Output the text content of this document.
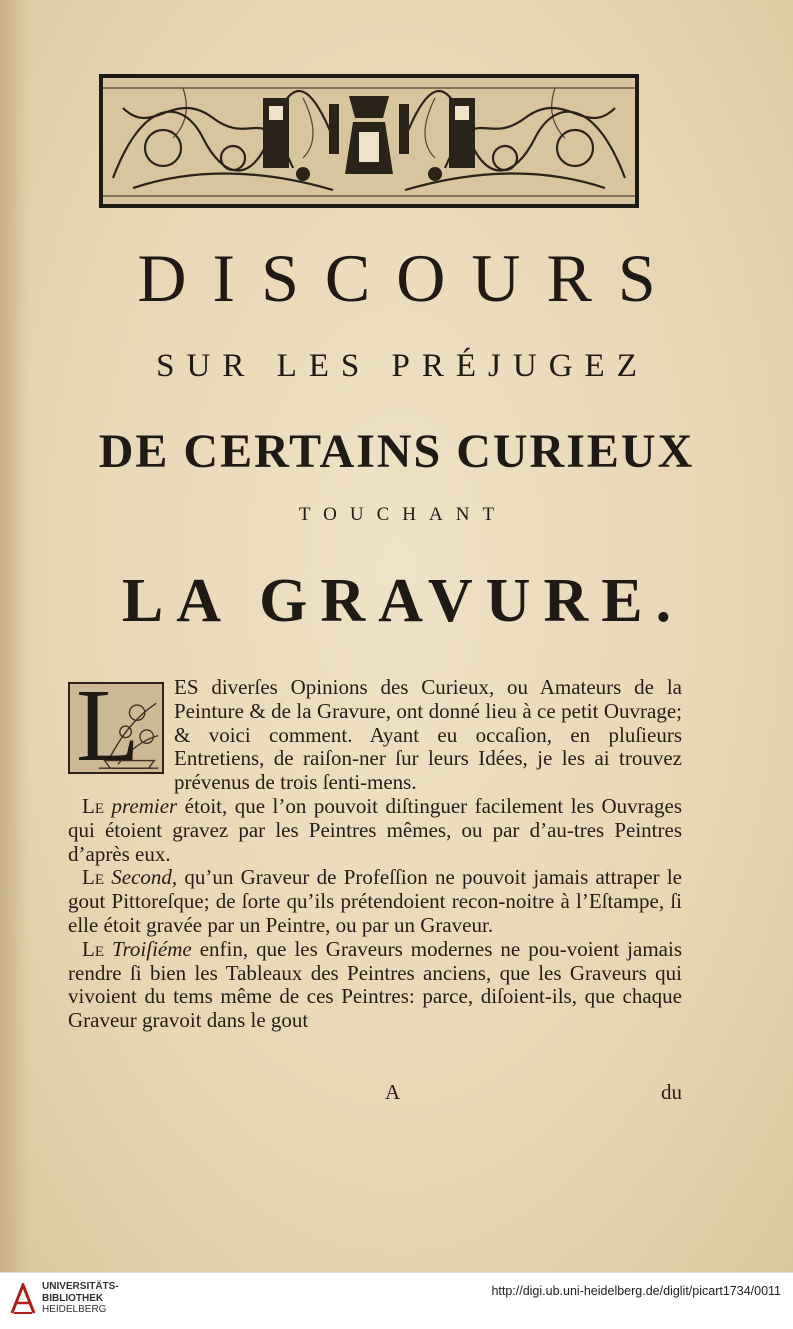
DISCOURS
SUR LES PRÉJUGEZ
DE CERTAINS CURIEUX
TOUCHANT
LA GRAVURE.
L	ES diverſes Opinions des Curieux, ou Amateurs de la Peinture & de la Gravure, ont donné lieu à ce petit Ouvrage; & voici comment. Ayant eu occaſion, en pluſieurs Entretiens, de raiſon-ner ſur leurs Idées, je les ai trouvez prévenus de trois ſenti-mens.

Le premier étoit, que l’on pouvoit diſtinguer facilement les Ouvrages qui étoient gravez par les Peintres mêmes, ou par d’au-tres Peintres d’après eux.

Le Second, qu’un Graveur de Profeſſion ne pouvoit jamais attraper le gout Pittoreſque; de ſorte qu’ils prétendoient recon-noitre à l’Eſtampe, ſi elle étoit gravée par un Peintre, ou par un Graveur.

Le Troiſiéme enfin, que les Graveurs modernes ne pou-voient jamais rendre ſi bien les Tableaux des Peintres anciens, que les Graveurs qui vivoient du tems même de ces Peintres: parce, diſoient-ils, que chaque Graveur gravoit dans le gout

A	du
UNIVERSITÄTS-
BIBLIOTHEK
HEIDELBERG
http://digi.ub.uni-heidelberg.de/diglit/picart1734/0011
